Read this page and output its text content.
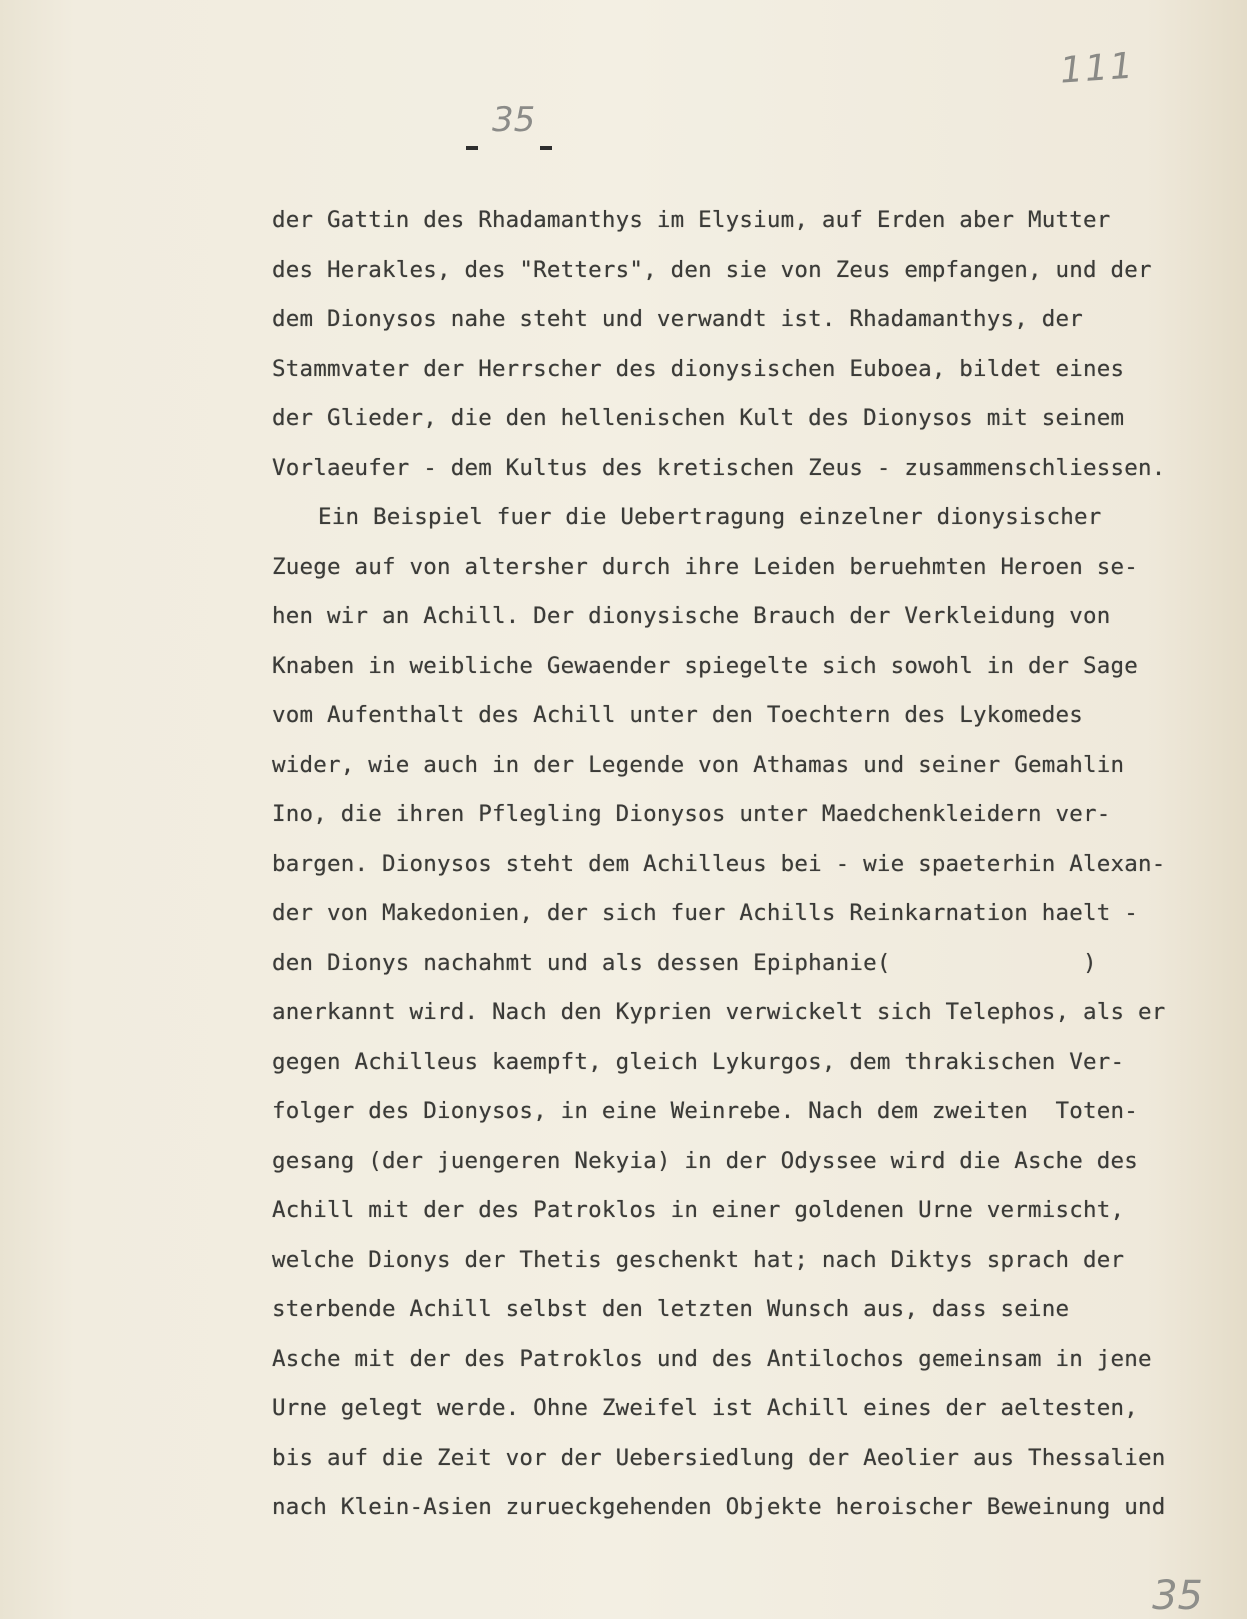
111
35
der Gattin des Rhadamanthys im Elysium, auf Erden aber Mutter
des Herakles, des "Retters", den sie von Zeus empfangen, und der
dem Dionysos nahe steht und verwandt ist. Rhadamanthys, der
Stammvater der Herrscher des dionysischen Euboea, bildet eines
der Glieder, die den hellenischen Kult des Dionysos mit seinem
Vorlaeufer - dem Kultus des kretischen Zeus - zusammenschliessen.
Ein Beispiel fuer die Uebertragung einzelner dionysischer
Zuege auf von altersher durch ihre Leiden beruehmten Heroen se-
hen wir an Achill. Der dionysische Brauch der Verkleidung von
Knaben in weibliche Gewaender spiegelte sich sowohl in der Sage
vom Aufenthalt des Achill unter den Toechtern des Lykomedes
wider, wie auch in der Legende von Athamas und seiner Gemahlin
Ino, die ihren Pflegling Dionysos unter Maedchenkleidern ver-
bargen. Dionysos steht dem Achilleus bei - wie spaeterhin Alexan-
der von Makedonien, der sich fuer Achills Reinkarnation haelt -
den Dionys nachahmt und als dessen Epiphanie(              )
anerkannt wird. Nach den Kyprien verwickelt sich Telephos, als er
gegen Achilleus kaempft, gleich Lykurgos, dem thrakischen Ver-
folger des Dionysos, in eine Weinrebe. Nach dem zweiten  Toten-
gesang (der juengeren Nekyia) in der Odyssee wird die Asche des
Achill mit der des Patroklos in einer goldenen Urne vermischt,
welche Dionys der Thetis geschenkt hat; nach Diktys sprach der
sterbende Achill selbst den letzten Wunsch aus, dass seine
Asche mit der des Patroklos und des Antilochos gemeinsam in jene
Urne gelegt werde. Ohne Zweifel ist Achill eines der aeltesten,
bis auf die Zeit vor der Uebersiedlung der Aeolier aus Thessalien
nach Klein-Asien zurueckgehenden Objekte heroischer Beweinung und
35
